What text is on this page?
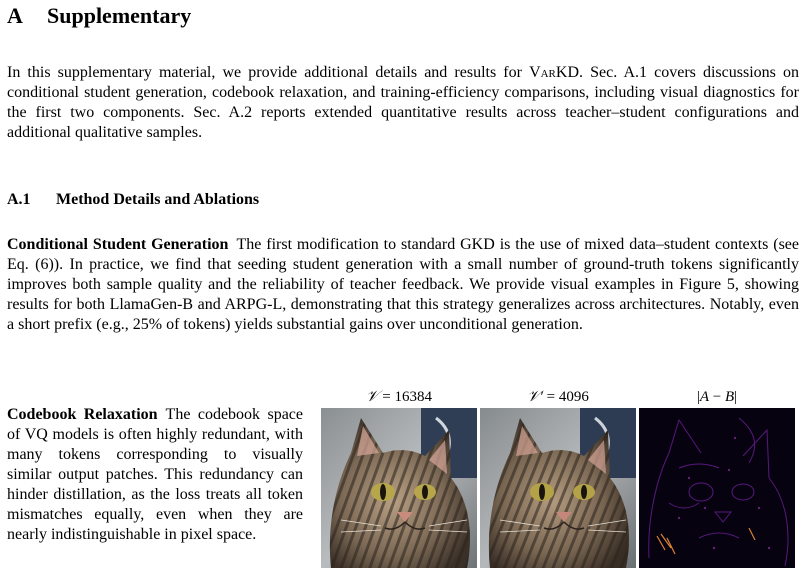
A Supplementary

In this supplementary material, we provide additional details and results for VarKD. Sec. A.1 covers discussions on conditional student generation, codebook relaxation, and training-efficiency comparisons, including visual diagnostics for the first two components. Sec. A.2 reports extended quantitative results across teacher–student configurations and additional qualitative samples.

A.1 Method Details and Ablations

Conditional Student Generation The first modification to standard GKD is the use of mixed data–student contexts (see Eq. (6)). In practice, we find that seeding student generation with a small number of ground-truth tokens significantly improves both sample quality and the reliability of teacher feedback. We provide visual examples in Figure 5, showing results for both LlamaGen-B and ARPG-L, demonstrating that this strategy generalizes across architectures. Notably, even a short prefix (e.g., 25% of tokens) yields substantial gains over unconditional generation.

Codebook Relaxation The codebook space of VQ models is often highly redundant, with many tokens corresponding to visually similar output patches. This redundancy can hinder distillation, as the loss treats all token mismatches equally, even when they are nearly indistinguishable in pixel space.

𝒱 = 16384	𝒱′ = 4096	|A − B|
